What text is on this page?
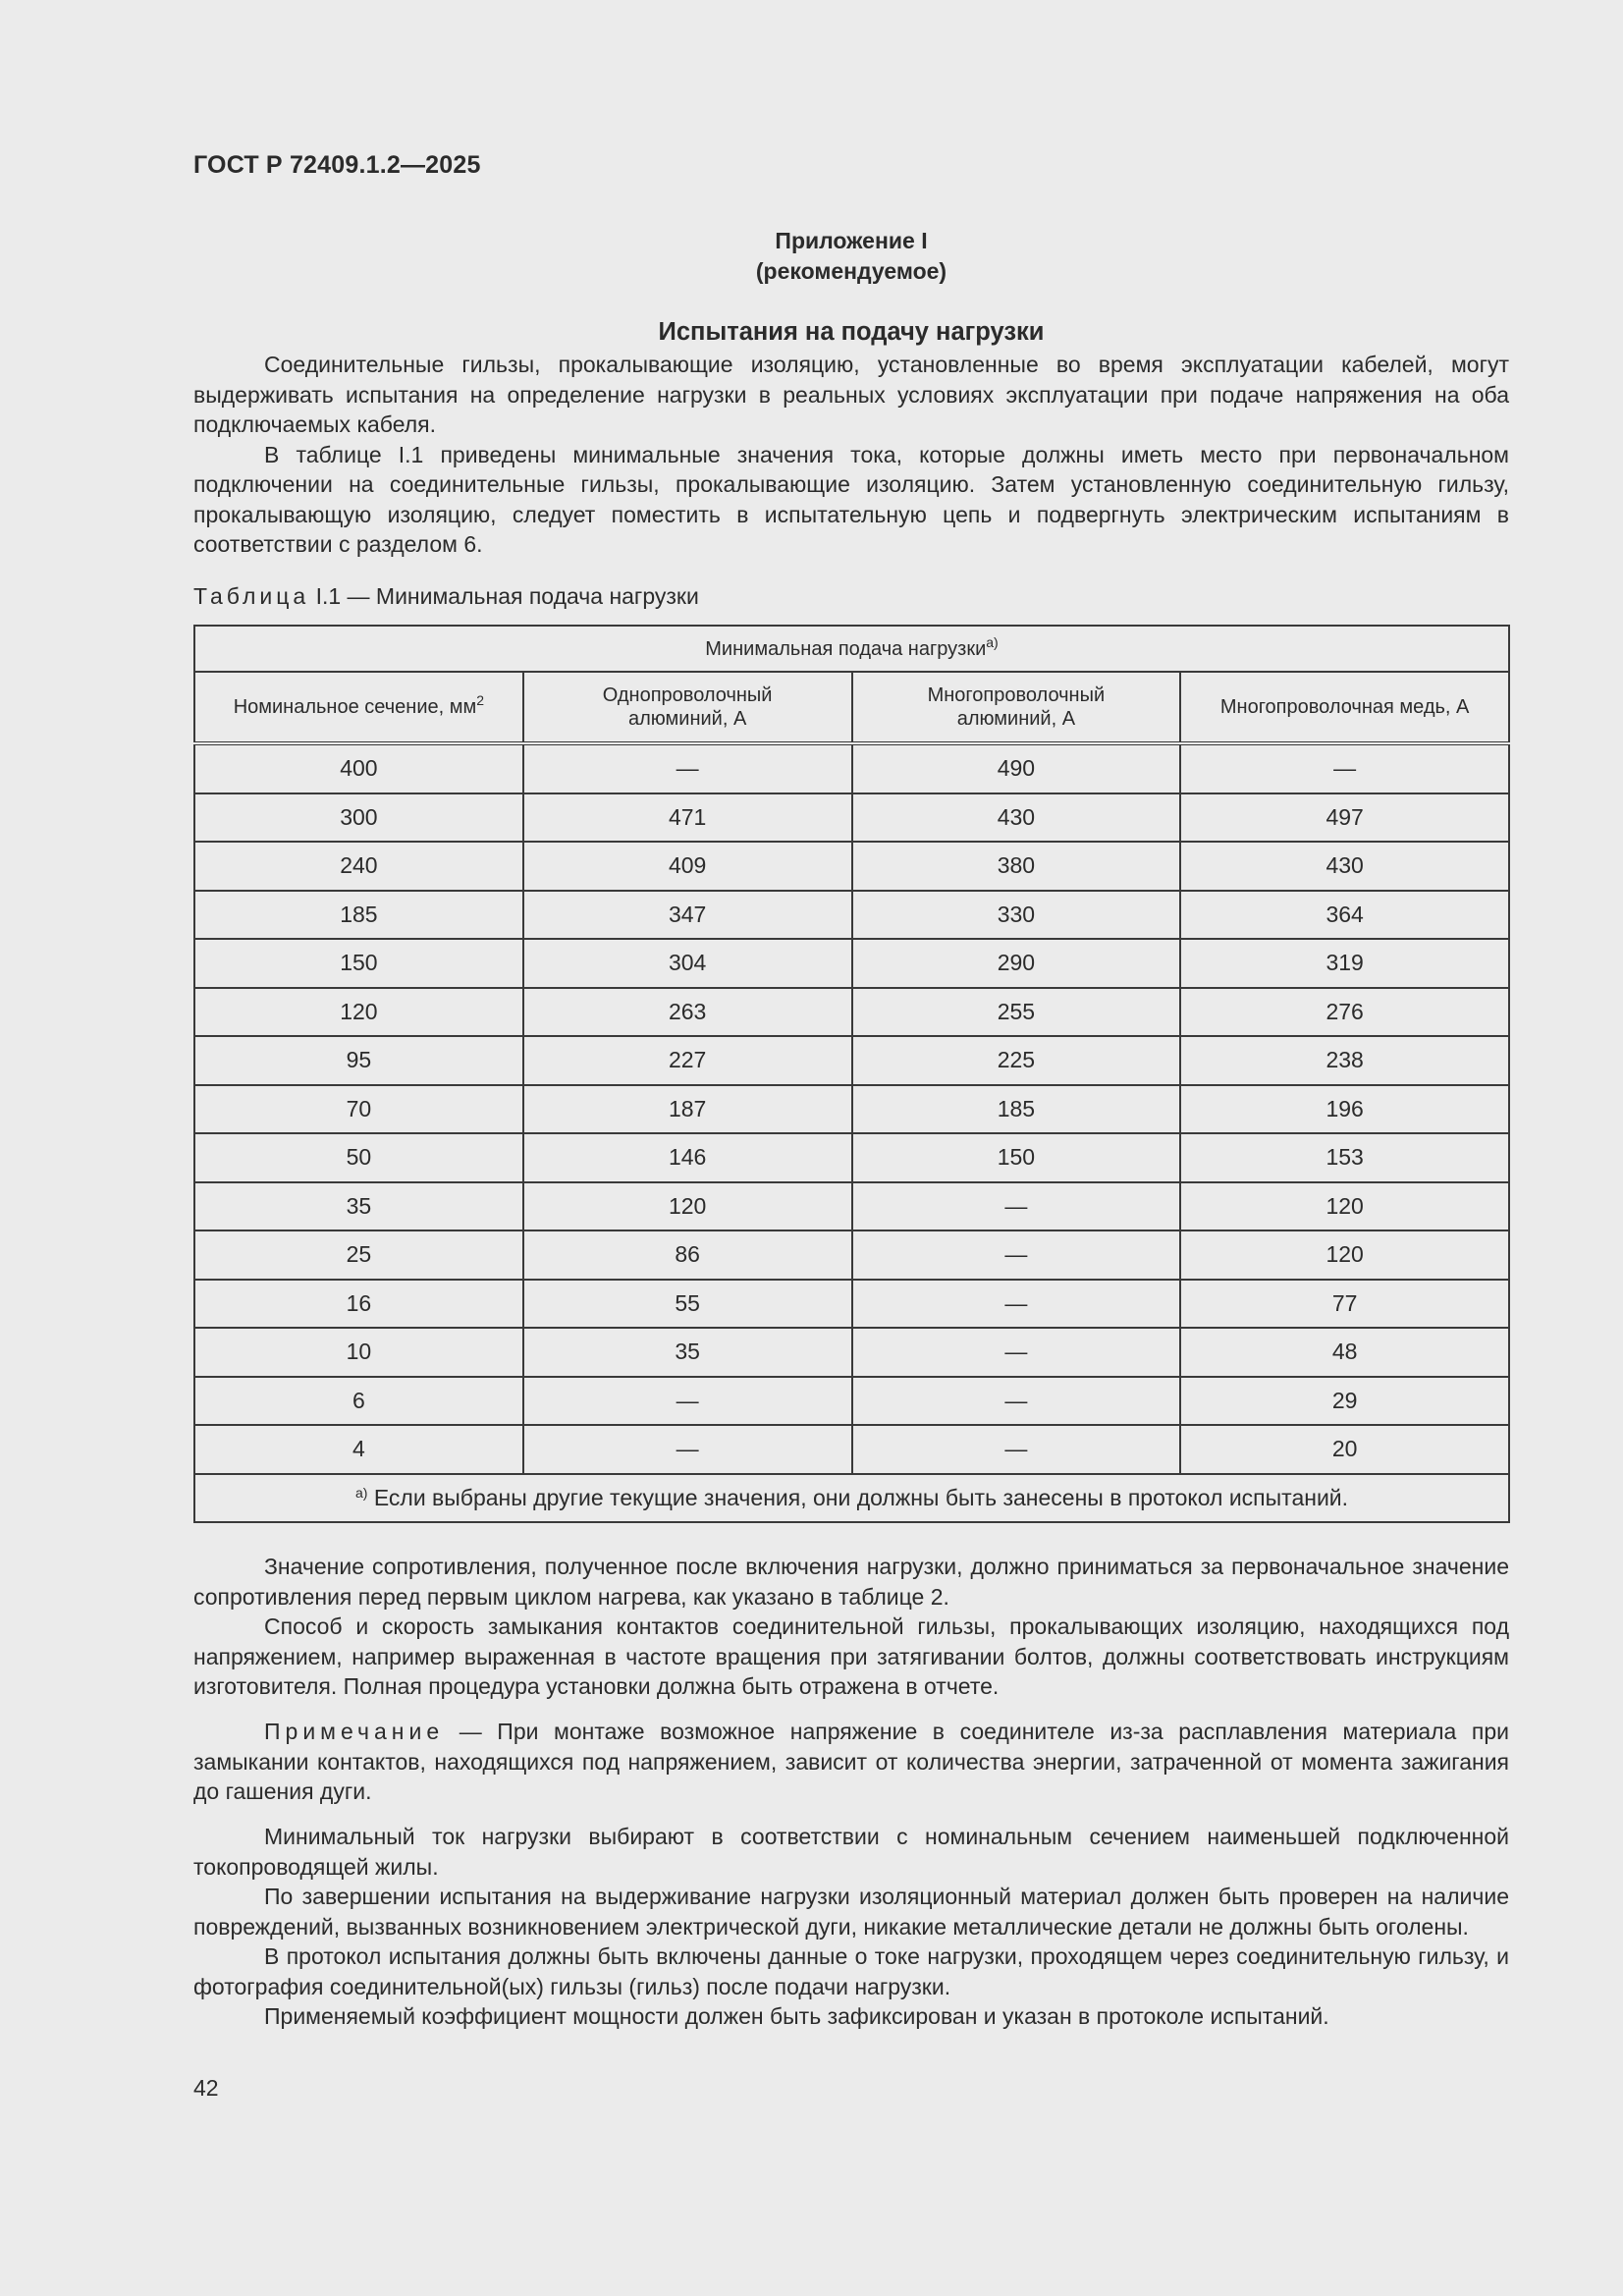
ГОСТ Р 72409.1.2—2025

Приложение I
(рекомендуемое)
Испытания на подачу нагрузки

Соединительные гильзы, прокалывающие изоляцию, установленные во время эксплуатации кабелей, могут выдерживать испытания на определение нагрузки в реальных условиях эксплуатации при подаче напряжения на оба подключаемых кабеля.

В таблице I.1 приведены минимальные значения тока, которые должны иметь место при первоначальном подключении на соединительные гильзы, прокалывающие изоляцию. Затем установленную соединительную гильзу, прокалывающую изоляцию, следует поместить в испытательную цепь и подвергнуть электрическим испытаниям в соответствии с разделом 6.

Таблица I.1 — Минимальная подача нагрузки

Минимальная подача нагрузки$^{а)}$
Номинальное сечение, $мм^2$	Однопроволочный алюминий, А	Многопроволочный алюминий, А	Многопроволочная медь, А
400	—	490	—
300	471	430	497
240	409	380	430
185	347	330	364
150	304	290	319
120	263	255	276
95	227	225	238
70	187	185	196
50	146	150	153
35	120	—	120
25	86	—	120
16	55	—	77
10	35	—	48
6	—	—	29
4	—	—	20
$^{а)}$ Если выбраны другие текущие значения, они должны быть занесены в протокол испытаний.			

Значение сопротивления, полученное после включения нагрузки, должно приниматься за первоначальное значение сопротивления перед первым циклом нагрева, как указано в таблице 2.

Способ и скорость замыкания контактов соединительной гильзы, прокалывающих изоляцию, находящихся под напряжением, например выраженная в частоте вращения при затягивании болтов, должны соответствовать инструкциям изготовителя. Полная процедура установки должна быть отражена в отчете.

Примечание — При монтаже возможное напряжение в соединителе из-за расплавления материала при замыкании контактов, находящихся под напряжением, зависит от количества энергии, затраченной от момента зажигания до гашения дуги.

Минимальный ток нагрузки выбирают в соответствии с номинальным сечением наименьшей подключенной токопроводящей жилы.

По завершении испытания на выдерживание нагрузки изоляционный материал должен быть проверен на наличие повреждений, вызванных возникновением электрической дуги, никакие металлические детали не должны быть оголены.

В протокол испытания должны быть включены данные о токе нагрузки, проходящем через соединительную гильзу, и фотография соединительной(ых) гильзы (гильз) после подачи нагрузки.

Применяемый коэффициент мощности должен быть зафиксирован и указан в протоколе испытаний.

42
